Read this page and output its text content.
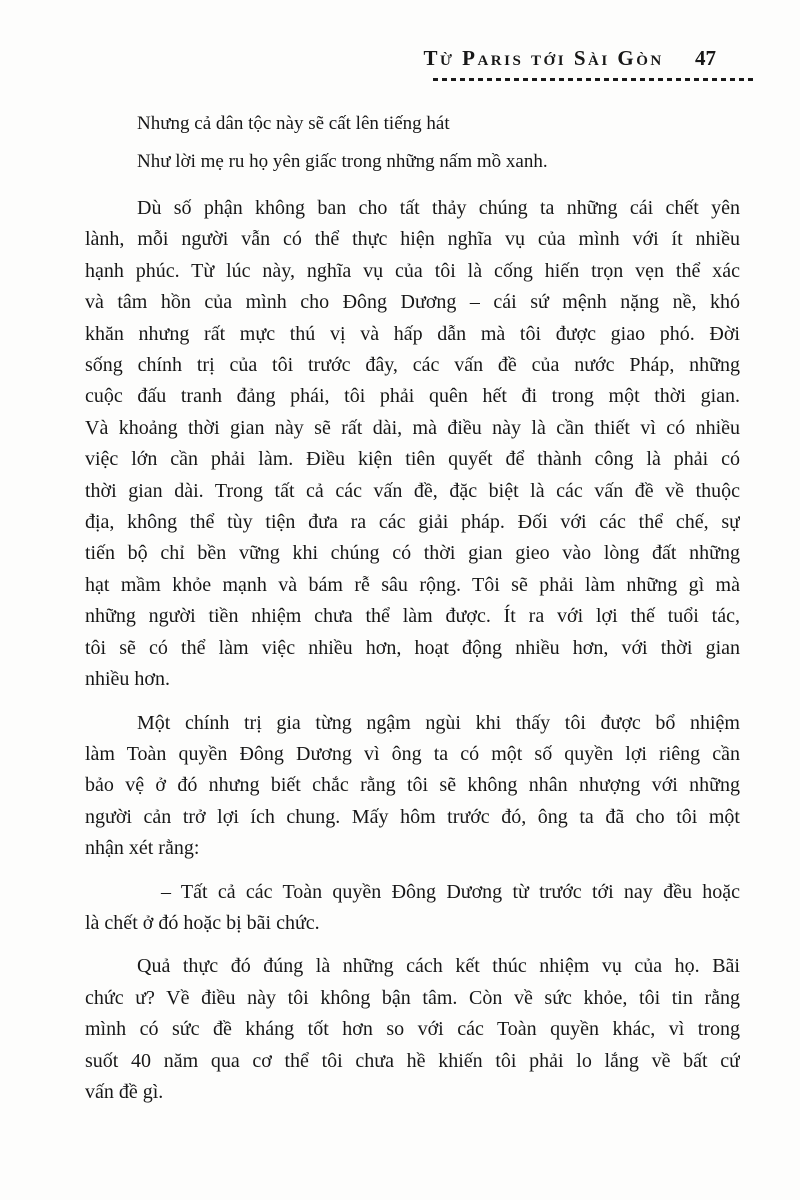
Từ Paris tới Sài Gòn 47
Nhưng cả dân tộc này sẽ cất lên tiếng hát
Như lời mẹ ru họ yên giấc trong những nấm mồ xanh.
Dù số phận không ban cho tất thảy chúng ta những cái chết yên
lành, mỗi người vẫn có thể thực hiện nghĩa vụ của mình với ít nhiều
hạnh phúc. Từ lúc này, nghĩa vụ của tôi là cống hiến trọn vẹn thể xác
và tâm hồn của mình cho Đông Dương – cái sứ mệnh nặng nề, khó
khăn nhưng rất mực thú vị và hấp dẫn mà tôi được giao phó. Đời
sống chính trị của tôi trước đây, các vấn đề của nước Pháp, những
cuộc đấu tranh đảng phái, tôi phải quên hết đi trong một thời gian.
Và khoảng thời gian này sẽ rất dài, mà điều này là cần thiết vì có nhiều
việc lớn cần phải làm. Điều kiện tiên quyết để thành công là phải có
thời gian dài. Trong tất cả các vấn đề, đặc biệt là các vấn đề về thuộc
địa, không thể tùy tiện đưa ra các giải pháp. Đối với các thể chế, sự
tiến bộ chỉ bền vững khi chúng có thời gian gieo vào lòng đất những
hạt mầm khỏe mạnh và bám rễ sâu rộng. Tôi sẽ phải làm những gì mà
những người tiền nhiệm chưa thể làm được. Ít ra với lợi thế tuổi tác,
tôi sẽ có thể làm việc nhiều hơn, hoạt động nhiều hơn, với thời gian
nhiều hơn.
Một chính trị gia từng ngậm ngùi khi thấy tôi được bổ nhiệm
làm Toàn quyền Đông Dương vì ông ta có một số quyền lợi riêng cần
bảo vệ ở đó nhưng biết chắc rằng tôi sẽ không nhân nhượng với những
người cản trở lợi ích chung. Mấy hôm trước đó, ông ta đã cho tôi một
nhận xét rằng:
– Tất cả các Toàn quyền Đông Dương từ trước tới nay đều hoặc
là chết ở đó hoặc bị bãi chức.
Quả thực đó đúng là những cách kết thúc nhiệm vụ của họ. Bãi
chức ư? Về điều này tôi không bận tâm. Còn về sức khỏe, tôi tin rằng
mình có sức đề kháng tốt hơn so với các Toàn quyền khác, vì trong
suốt 40 năm qua cơ thể tôi chưa hề khiến tôi phải lo lắng về bất cứ
vấn đề gì.
